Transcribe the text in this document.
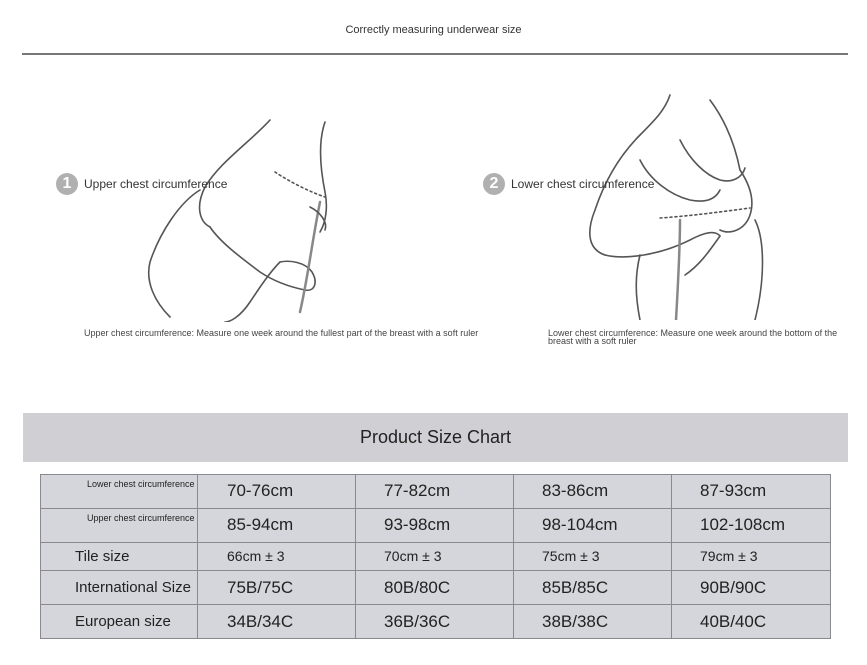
Correctly measuring underwear size
1	Upper chest circumference	2	Lower chest circumference
Upper chest circumference: Measure one week around the fullest part of the breast with a soft ruler	Lower chest circumference: Measure one week around the bottom of the breast with a soft ruler
Product Size Chart
Lower chest circumference	70-76cm	77-82cm	83-86cm	87-93cm
Upper chest circumference	85-94cm	93-98cm	98-104cm	102-108cm
Tile size	66cm ± 3	70cm ± 3	75cm ± 3	79cm ± 3
International Size	75B/75C	80B/80C	85B/85C	90B/90C
European size	34B/34C	36B/36C	38B/38C	40B/40C
